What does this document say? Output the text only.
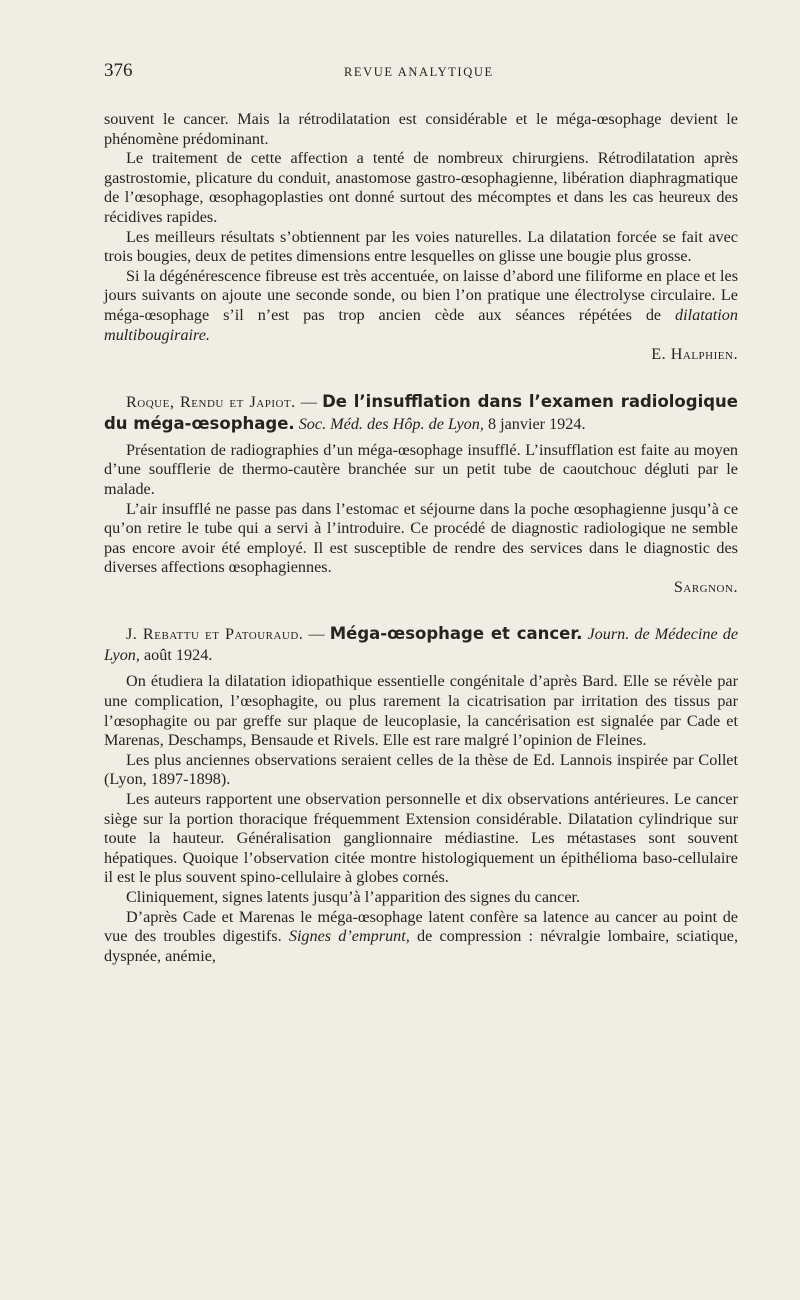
376	REVUE ANALYTIQUE

souvent le cancer. Mais la rétrodilatation est considérable et le méga-œsophage devient le phénomène prédominant.

Le traitement de cette affection a tenté de nombreux chirurgiens. Rétrodilatation après gastrostomie, plicature du conduit, anastomose gastro-œsophagienne, libération diaphragmatique de l’œsophage, œsophagoplasties ont donné surtout des mécomptes et dans les cas heureux des récidives rapides.

Les meilleurs résultats s’obtiennent par les voies naturelles. La dilatation forcée se fait avec trois bougies, deux de petites dimensions entre lesquelles on glisse une bougie plus grosse.

Si la dégénérescence fibreuse est très accentuée, on laisse d’abord une filiforme en place et les jours suivants on ajoute une seconde sonde, ou bien l’on pratique une électrolyse circulaire. Le méga-œsophage s’il n’est pas trop ancien cède aux séances répétées de dilatation multibougiraire.

E. Halphien.

Roque, Rendu et Japiot. — De l’insufflation dans l’examen radiologique du méga-œsophage. Soc. Méd. des Hôp. de Lyon, 8 janvier 1924.

Présentation de radiographies d’un méga-œsophage insufflé. L’insufflation est faite au moyen d’une soufflerie de thermo-cautère branchée sur un petit tube de caoutchouc dégluti par le malade.

L’air insufflé ne passe pas dans l’estomac et séjourne dans la poche œsophagienne jusqu’à ce qu’on retire le tube qui a servi à l’introduire. Ce procédé de diagnostic radiologique ne semble pas encore avoir été employé. Il est susceptible de rendre des services dans le diagnostic des diverses affections œsophagiennes.

Sargnon.

J. Rebattu et Patouraud. — Méga-œsophage et cancer. Journ. de Médecine de Lyon, août 1924.

On étudiera la dilatation idiopathique essentielle congénitale d’après Bard. Elle se révèle par une complication, l’œsophagite, ou plus rarement la cicatrisation par irritation des tissus par l’œsophagite ou par greffe sur plaque de leucoplasie, la cancérisation est signalée par Cade et Marenas, Deschamps, Bensaude et Rivels. Elle est rare malgré l’opinion de Fleines.

Les plus anciennes observations seraient celles de la thèse de Ed. Lannois inspirée par Collet (Lyon, 1897-1898).

Les auteurs rapportent une observation personnelle et dix observations antérieures. Le cancer siège sur la portion thoracique fréquemment Extension considérable. Dilatation cylindrique sur toute la hauteur. Généralisation ganglionnaire médiastine. Les métastases sont souvent hépatiques. Quoique l’observation citée montre histologiquement un épithélioma baso-cellulaire il est le plus souvent spino-cellulaire à globes cornés.

Cliniquement, signes latents jusqu’à l’apparition des signes du cancer.

D’après Cade et Marenas le méga-œsophage latent confère sa latence au cancer au point de vue des troubles digestifs. Signes d’emprunt, de compression : névralgie lombaire, sciatique, dyspnée, anémie,
